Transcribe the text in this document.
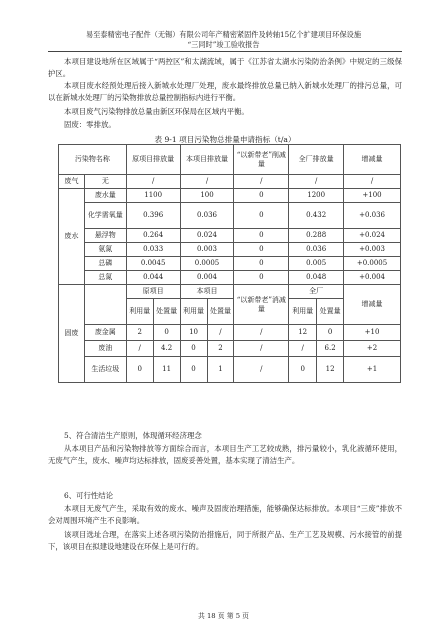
易至泰精密电子配件（无锡）有限公司年产精密紧固件及转轴15亿个扩建项目环保设施
“三同时”竣工验收报告
本项目建设地所在区域属于“两控区”和太湖流域，属于《江苏省太湖水污染防治条例》中规定的三级保护区。
本项目废水经预处理后接入新城水处理厂处理，废水最终排放总量已纳入新城水处理厂的排污总量，可以在新城水处理厂的污染物排放总量控制指标内进行平衡。
本项目废气污染物排放总量由新区环保局在区域内平衡。
固废：零排放。
表 9-1 项目污染物总排量申请指标（t/a）
污染物名称		原项目排放量		本项目排放量		“以新带老”削减量	全厂排放量		增减量
废气	无	/		/		/	/		/
废水	废水量	1100		100		0	1200		+100
	化学需氧量	0.396		0.036		0	0.432		+0.036
	悬浮物	0.264		0.024		0	0.288		+0.024
	氨氮	0.033		0.003		0	0.036		+0.003
	总磷	0.0045		0.0005		0	0.005		+0.0005
	总氮	0.044		0.004		0	0.048		+0.004
固废		原项目		本项目		“以新带老”消减量	全厂		增减量
		利用量	处置量	利用量	处置量		利用量	处置量	
	废金属	2	0	10	/	/	12	0	+10
	废油	/	4.2	0	2	/	/	6.2	+2
	生活垃圾	0	11	0	1	/	0	12	+1
5、符合清洁生产原则，体现循环经济理念
从本项目产品和污染物排放等方面综合而言，本项目生产工艺较成熟，排污量较小，乳化液循环使用，无废气产生，废水、噪声均达标排放，固废妥善处置，基本实现了清洁生产。
6、可行性结论
本项目无废气产生，采取有效的废水、噪声及固废治理措施，能够确保达标排放。本项目“三废”排放不会对周围环境产生不良影响。
该项目选址合理，在落实上述各项污染防治措施后，同于所报产品、生产工艺及规模、污水接管的前提下，该项目在拟建设地建设在环保上是可行的。
共 18 页 第 5 页
